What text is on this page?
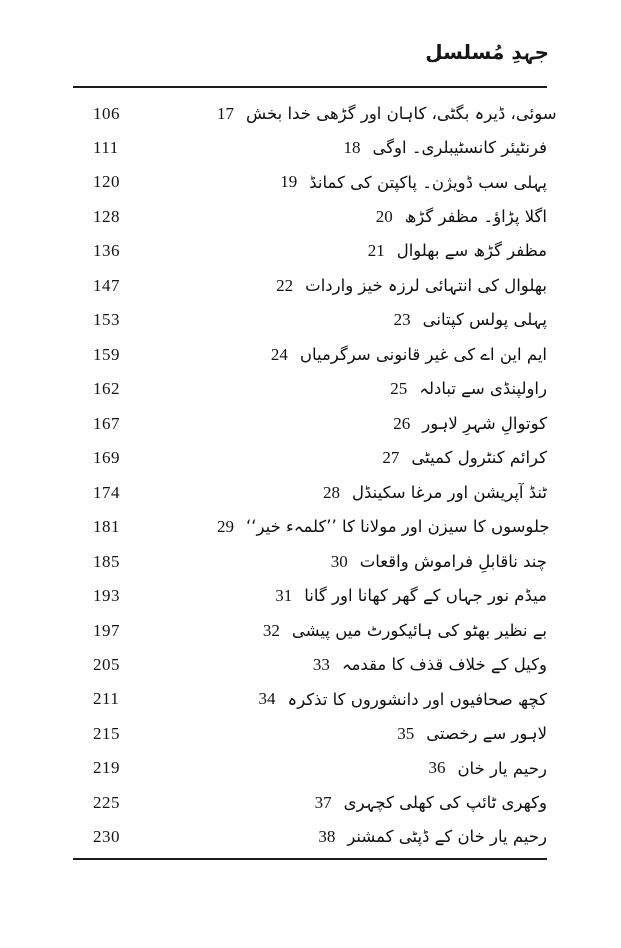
جہدِ مُسلسل
106	17 سوئی، ڈیرہ بگٹی، کاہان اور گڑھی خدا بخش
111	18 فرنٹیئر کانسٹیبلری۔ اوگی
120	19 پہلی سب ڈویژن۔ پاکپتن کی کمانڈ
128	20 اگلا پڑاؤ۔ مظفر گڑھ
136	21 مظفر گڑھ سے بھلوال
147	22 بھلوال کی انتہائی لرزہ خیز واردات
153	23 پہلی پولس کپتانی
159	24 ایم این اے کی غیر قانونی سرگرمیاں
162	25 راولپنڈی سے تبادلہ
167	26 کوتوالِ شہرِ لاہور
169	27 کرائم کنٹرول کمیٹی
174	28 ٹنڈ آپریشن اور مرغا سکینڈل
181	29 جلوسوں کا سیزن اور مولانا کا ’’کلمہء خیر‘‘
185	30 چند ناقابلِ فراموش واقعات
193	31 میڈم نور جہاں کے گھر کھانا اور گانا
197	32 بے نظیر بھٹو کی ہائیکورٹ میں پیشی
205	33 وکیل کے خلاف قذف کا مقدمہ
211	34 کچھ صحافیوں اور دانشوروں کا تذکرہ
215	35 لاہور سے رخصتی
219	36 رحیم یار خان
225	37 وکھری ٹائپ کی کھلی کچہری
230	38 رحیم یار خان کے ڈپٹی کمشنر
